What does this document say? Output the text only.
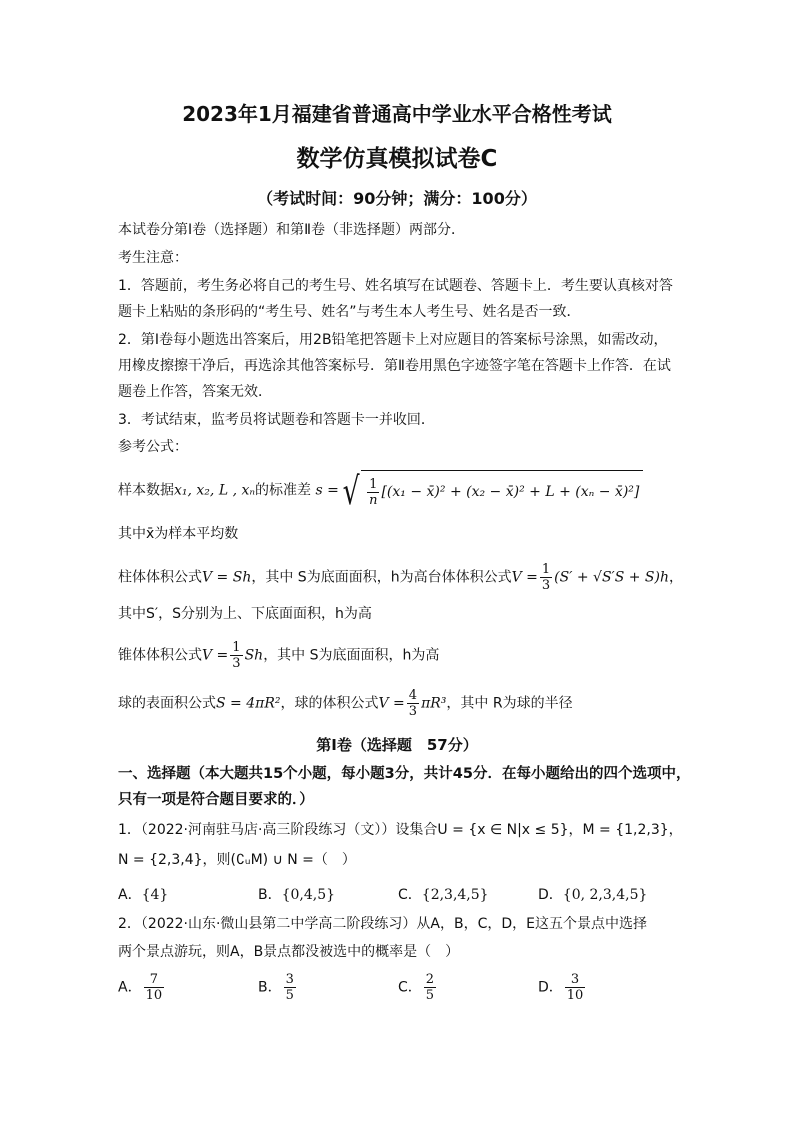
2023年1月福建省普通高中学业水平合格性考试
数学仿真模拟试卷C
（考试时间：90分钟；满分：100分）
本试卷分第Ⅰ卷（选择题）和第Ⅱ卷（非选择题）两部分．
考生注意：
1．答题前，考生务必将自己的考生号、姓名填写在试题卷、答题卡上．考生要认真核对答
题卡上粘贴的条形码的“考生号、姓名”与考生本人考生号、姓名是否一致．
2．第Ⅰ卷每小题选出答案后，用2B铅笔把答题卡上对应题目的答案标号涂黑，如需改动，
用橡皮擦擦干净后，再选涂其他答案标号．第Ⅱ卷用黑色字迹签字笔在答题卡上作答．在试
题卷上作答，答案无效．
3．考试结束，监考员将试题卷和答题卡一并收回．
参考公式：
样本数据x₁, x₂, L , xₙ的标准差 s =√ $\frac{1}{n} [(x_1$ − x̄)² + (x₂ − x̄)² + L + (xₙ − x̄)²]
其中x̄为样本平均数
柱体体积公式V = Sh，其中 S为底面面积，h为高台体体积公式$V = \frac{1}{3} (S' + √S'S + S)h$，
其中S′，S分别为上、下底面面积，h为高
锥体体积公式$V = \frac{1}{3}$ Sh，其中 S为底面面积，h为高
球的表面积公式S = 4πR²，球的体积公式$V = \frac{4}{3} \pi R^3$，其中 R为球的半径
第Ⅰ卷（选择题　57分）
一、选择题（本大题共15个小题，每小题3分，共计45分．在每小题给出的四个选项中，
只有一项是符合题目要求的．）
1．（2022·河南驻马店·高三阶段练习（文））设集合U = {x ∈ N|x ≤ 5}，M = {1,2,3}，
N = {2,3,4}，则(∁ᵤM) ∪ N =（　）
A．{4}	B．{0,4,5}	C．{2,3,4,5}	D．{0, 2,3,4,5}
2．（2022·山东·微山县第二中学高二阶段练习）从A，B，C，D，E这五个景点中选择
两个景点游玩，则A，B景点都没被选中的概率是（　）
A． $\frac{7}{10}$	B． $\frac{3}{5}$	C． $\frac{2}{5}$	D． $\frac{3}{10}$
